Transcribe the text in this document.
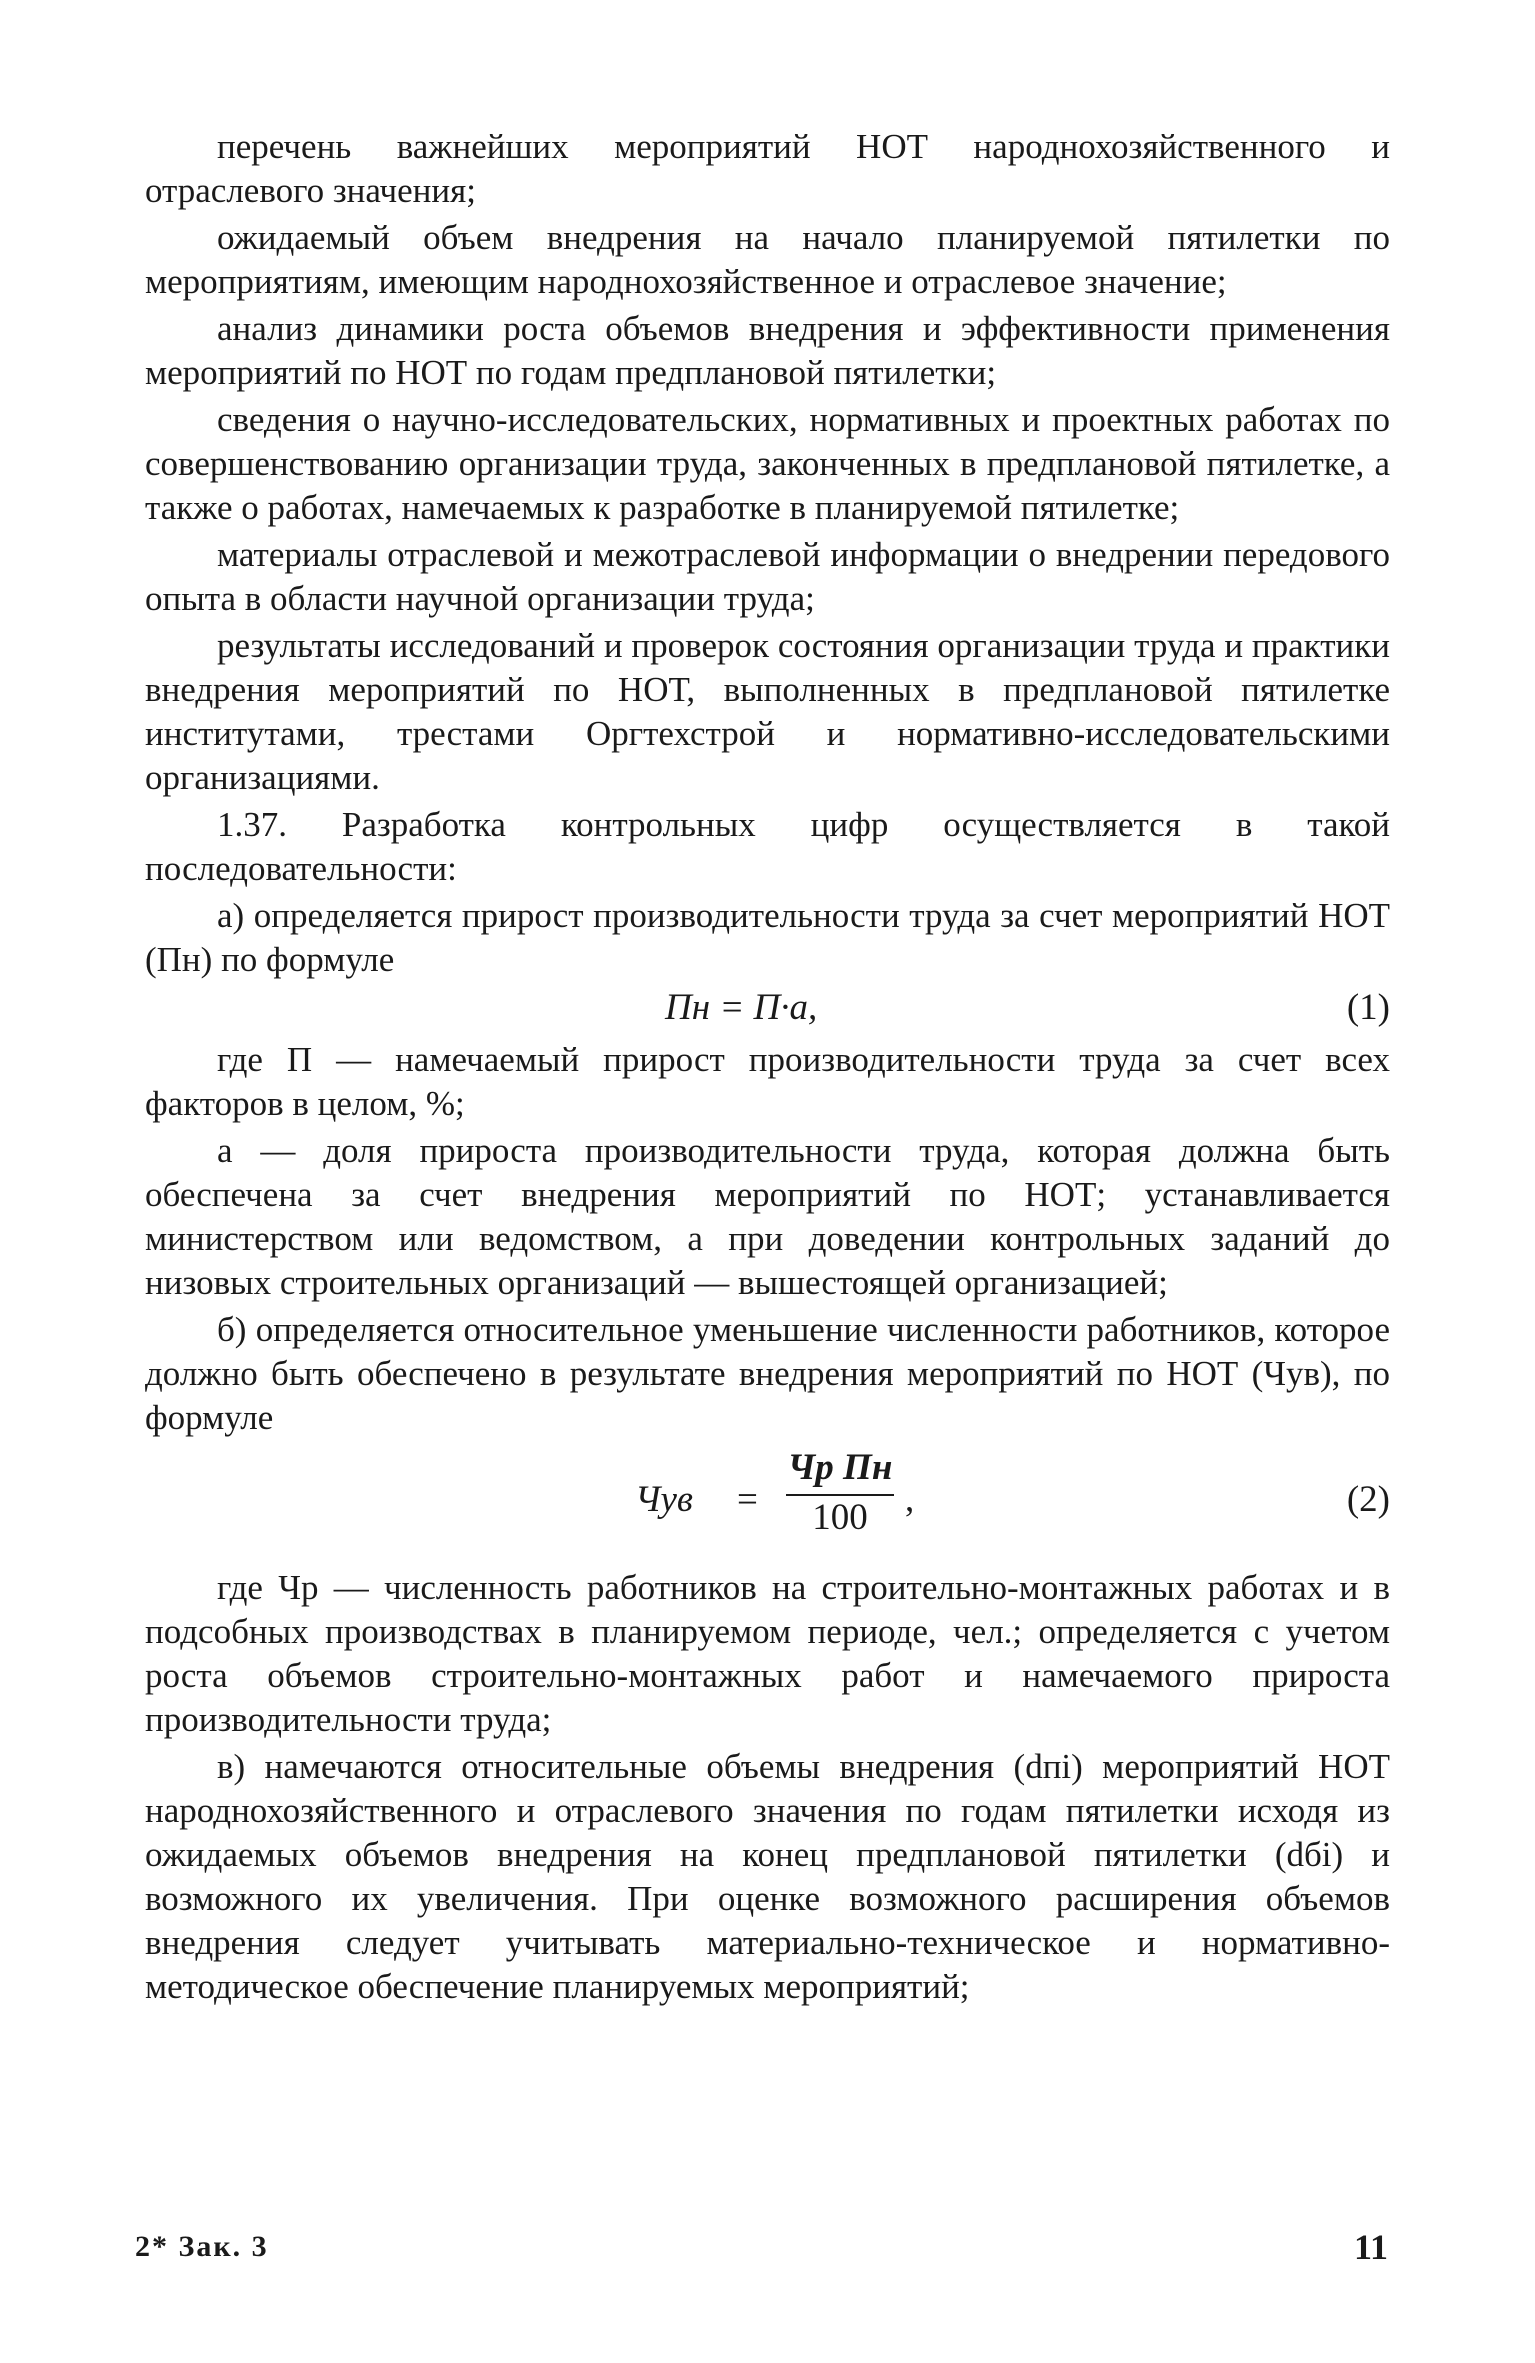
перечень важнейших мероприятий НОТ народнохозяйственного и отраслевого значения;

ожидаемый объем внедрения на начало планируемой пятилетки по мероприятиям, имеющим народнохозяйственное и отраслевое значение;

анализ динамики роста объемов внедрения и эффективности применения мероприятий по НОТ по годам предплановой пятилетки;

сведения о научно-исследовательских, нормативных и проектных работах по совершенствованию организации труда, законченных в предплановой пятилетке, а также о работах, намечаемых к разработке в планируемой пятилетке;

материалы отраслевой и межотраслевой информации о внедрении передового опыта в области научной организации труда;

результаты исследований и проверок состояния организации труда и практики внедрения мероприятий по НОТ, выполненных в предплановой пятилетке институтами, трестами Оргтехстрой и нормативно-исследовательскими организациями.

1.37. Разработка контрольных цифр осуществляется в такой последовательности:

а) определяется прирост производительности труда за счет мероприятий НОТ (Пн) по формуле

Пн = П·а,	(1)

где П — намечаемый прирост производительности труда за счет всех факторов в целом, %;

а — доля прироста производительности труда, которая должна быть обеспечена за счет внедрения мероприятий по НОТ; устанавливается министерством или ведомством, а при доведении контрольных заданий до низовых строительных организаций — вышестоящей организацией;

б) определяется относительное уменьшение численности работников, которое должно быть обеспечено в результате внедрения мероприятий по НОТ (Чув), по формуле

Чув =
Чр Пн
100	,	(2)

где Чр — численность работников на строительно-монтажных работах и в подсобных производствах в планируемом периоде, чел.; определяется с учетом роста объемов строительно-монтажных работ и намечаемого прироста производительности труда;

в) намечаются относительные объемы внедрения (dпi) мероприятий НОТ народнохозяйственного и отраслевого значения по годам пятилетки исходя из ожидаемых объемов внедрения на конец предплановой пятилетки (dбi) и возможного их увеличения. При оценке возможного расширения объемов внедрения следует учитывать материально-техническое и нормативно-методическое обеспечение планируемых мероприятий;

2* Зак. 3	11
